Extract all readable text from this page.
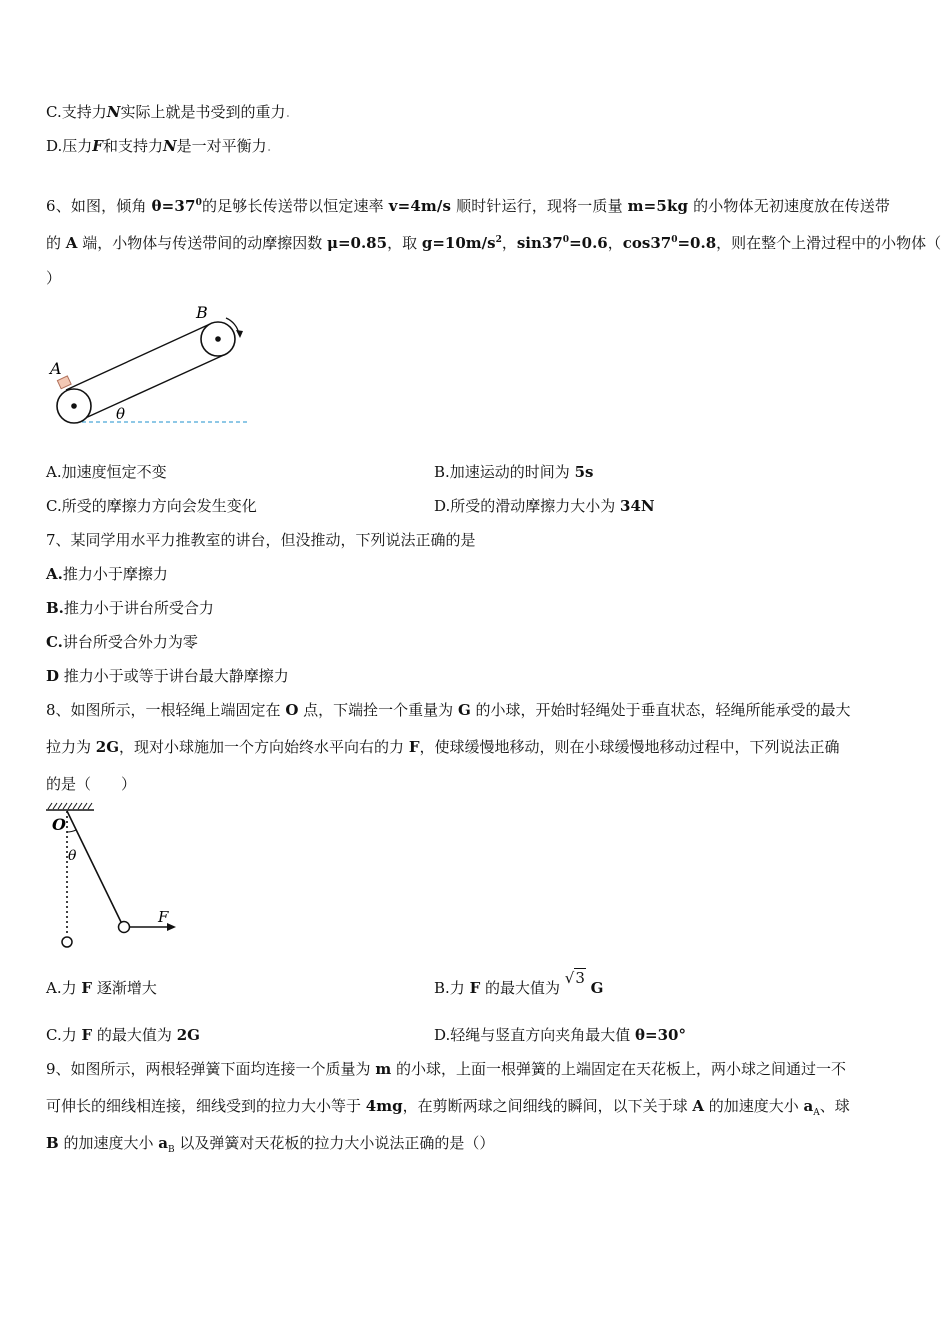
C.支持力N实际上就是书受到的重力.
D.压力F和支持力N是一对平衡力.
6、如图，倾角 $\theta=37^0$的足够长传送带以恒定速率 v=4m/s 顺时针运行，现将一质量 m=5kg 的小物体无初速度放在传送带
的 A 端，小物体与传送带间的动摩擦因数 μ=0.85，取 $g=10m/s^2$，$\sin 37^0=0.6$，$\cos 37^0=0.8$，则在整个上滑过程中的小物体（
）
A
B
θ
A.加速度恒定不变	B.加速运动的时间为 5s
C.所受的摩擦力方向会发生变化	D.所受的滑动摩擦力大小为 34N
7、某同学用水平力推教室的讲台，但没推动，下列说法正确的是
A.推力小于摩擦力
B.推力小于讲台所受合力
C.讲台所受合外力为零
D 推力小于或等于讲台最大静摩擦力
8、如图所示，一根轻绳上端固定在 O 点，下端拴一个重量为 G 的小球，开始时轻绳处于垂直状态，轻绳所能承受的最大
拉力为 2G，现对小球施加一个方向始终水平向右的力 F，使球缓慢地移动，则在小球缓慢地移动过程中，下列说法正确
的是（　　）
O
θ
F
A.力 F 逐渐增大	B.力 F 的最大值为 √3 G
C.力 F 的最大值为 2G	D.轻绳与竖直方向夹角最大值 θ=30°
9、如图所示，两根轻弹簧下面均连接一个质量为 m 的小球，上面一根弹簧的上端固定在天花板上，两小球之间通过一不
可伸长的细线相连接，细线受到的拉力大小等于 4mg，在剪断两球之间细线的瞬间，以下关于球 A 的加速度大小 $a_A$、球
B 的加速度大小 $a_B$ 以及弹簧对天花板的拉力大小说法正确的是（）
